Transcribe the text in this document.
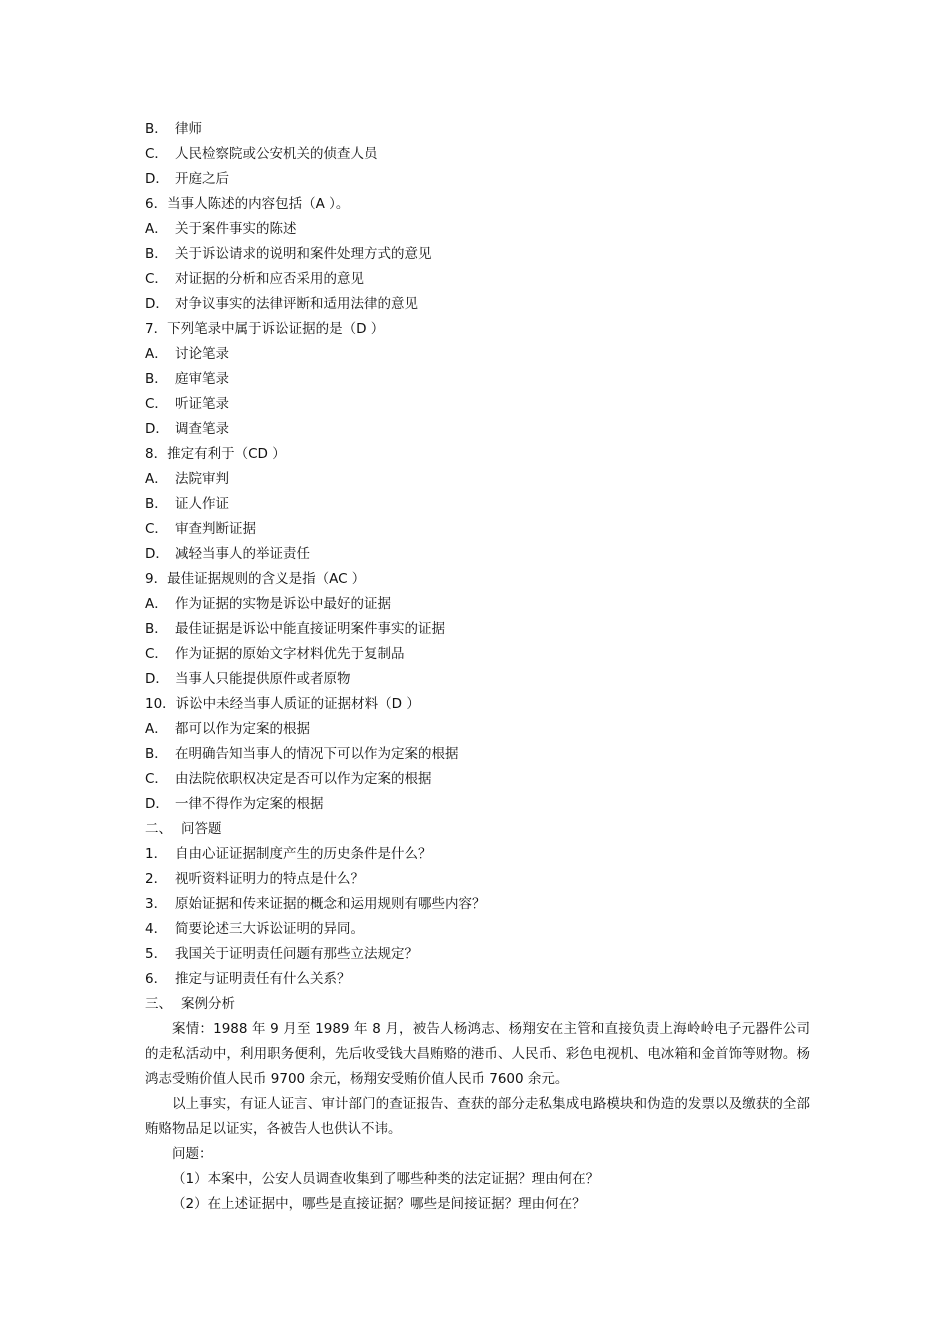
B． 律师
C． 人民检察院或公安机关的侦查人员
D． 开庭之后
6．当事人陈述的内容包括（A ）。
A． 关于案件事实的陈述
B． 关于诉讼请求的说明和案件处理方式的意见
C． 对证据的分析和应否采用的意见
D． 对争议事实的法律评断和适用法律的意见
7．下列笔录中属于诉讼证据的是（D ）
A． 讨论笔录
B． 庭审笔录
C． 听证笔录
D． 调查笔录
8．推定有利于（CD ）
A． 法院审判
B． 证人作证
C． 审查判断证据
D． 减轻当事人的举证责任
9．最佳证据规则的含义是指（AC ）
A． 作为证据的实物是诉讼中最好的证据
B． 最佳证据是诉讼中能直接证明案件事实的证据
C． 作为证据的原始文字材料优先于复制品
D． 当事人只能提供原件或者原物
10．诉讼中未经当事人质证的证据材料（D ）
A． 都可以作为定案的根据
B． 在明确告知当事人的情况下可以作为定案的根据
C． 由法院依职权决定是否可以作为定案的根据
D． 一律不得作为定案的根据
二、 问答题
1． 自由心证证据制度产生的历史条件是什么？
2． 视听资料证明力的特点是什么？
3． 原始证据和传来证据的概念和运用规则有哪些内容？
4． 简要论述三大诉讼证明的异同。
5． 我国关于证明责任问题有那些立法规定？
6． 推定与证明责任有什么关系？
三、 案例分析
案情：1988 年 9 月至 1989 年 8 月，被告人杨鸿志、杨翔安在主管和直接负责上海岭岭电子元器件公司的走私活动中，利用职务便利，先后收受钱大昌贿赂的港币、人民币、彩色电视机、电冰箱和金首饰等财物。杨鸿志受贿价值人民币 9700 余元，杨翔安受贿价值人民币 7600 余元。
以上事实，有证人证言、审计部门的查证报告、查获的部分走私集成电路模块和伪造的发票以及缴获的全部贿赂物品足以证实，各被告人也供认不讳。
问题：
（1）本案中，公安人员调查收集到了哪些种类的法定证据？理由何在？
（2）在上述证据中，哪些是直接证据？哪些是间接证据？理由何在？
